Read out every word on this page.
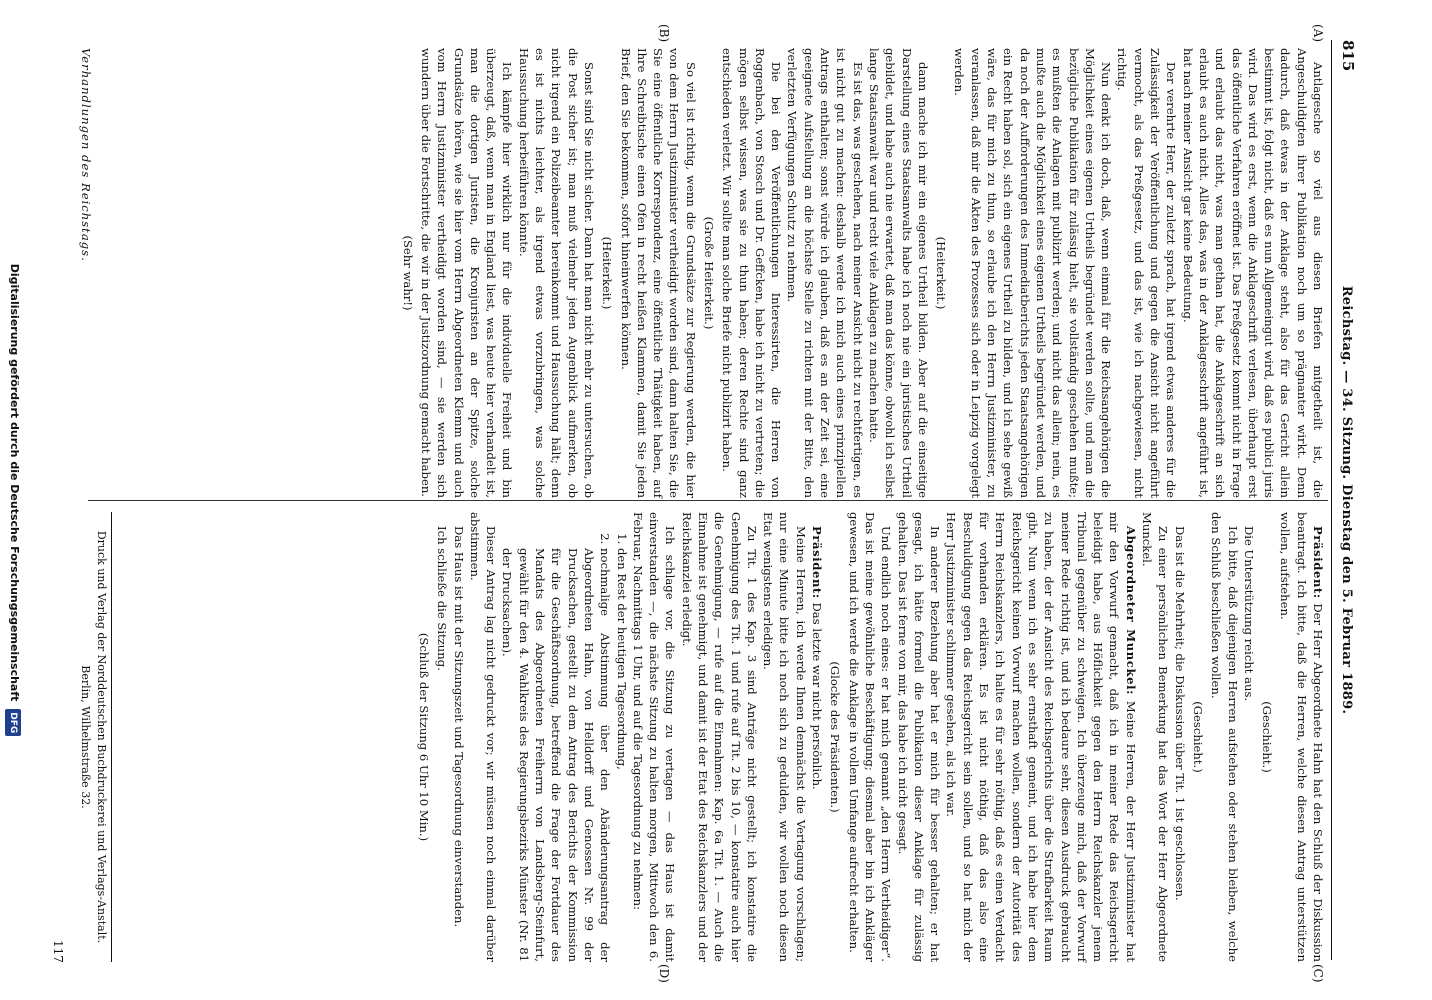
815
Reichstag. — 34. Sitzung. Dienstag den 5. Februar 1889.
(A)
(B)
(C)
(D)

Antlagesche so viel aus diesen Briefen mitgetheilt ist, die Angeschuldigten ihrer Publikation noch um so prägnanter wirkt. Denn dadurch, daß etwas in der Anklage steht, also für das Gericht allein bestimmt ist, folgt nicht, daß es nun Allgemeingut wird, daß es publici juris wird. Das wird es erst, wenn die Anklageschrift verlesen, überhaupt erst das öffentliche Verfahren eröffnet ist. Das Preßgesetz kommt nicht in Frage und erlaubt das nicht, was man gethan hat, die Anklageschrift an sich erlaubt es auch nicht. Alles das, was in der Anklagesschrift angeführt ist, hat nach meiner Ansicht gar keine Bedeutung.

Der verehrte Herr, der zuletzt sprach, hat irgend etwas anderes für die Zulässigkeit der Veröffentlichung und gegen die Ansicht nicht angeführt vermocht, als das Preßgesetz, und das ist, wie ich nachgewiesen, nicht richtig.

Nun denkt ich doch, daß, wenn einmal für die Reichsangehörigen die Möglichkeit eines eigenen Urtheils begründet werden sollte, und man die bezügliche Publikation für zulässig hielt, sie vollständig geschehen mußte; es mußten die Anlagen mit publizirt werden; und nicht das allein; nein, es mußte auch die Möglichkeit eines eigenen Urtheils begründet werden, und da noch der Aufforderungen des Immediatberichts jeden Staatsangehörigen ein Recht haben sol, sich ein eigenes Urtheil zu bilden, und ich sehe gewiß wäre, das für mich zu thun, so erlaube ich den Herrn Justizminister, zu veranlassen, daß mir die Akten des Prozesses sich oder in Leipzig vorgelegt werden.

(Heiterkeit.)

dann mache ich mir ein eigenes Urtheil bilden. Aber auf die einseitige Darstellung eines Staatsanwalts habe ich noch nie ein juristisches Urtheil gebildet, und habe auch nie erwartet, daß man das könne, obwohl ich selbst lange Staatsanwalt war und recht viele Anklagen zu machen hatte.

Es ist das, was geschehen, nach meiner Ansicht nicht zu rechtfertigen, es ist nicht gut zu machen: deshalb werde ich mich auch eines prinzipiellen Antrags enthalten; sonst würde ich glauben, daß es an der Zeit sei, eine geeignete Aufstellung an die höchste Stelle zu richten mit der Bitte, den verletzten Verfügungen Schutz zu nehmen.

Die bei den Veröffentlichungen Interessirten, die Herren von Roggenbach, von Stosch und Dr. Geffcken, habe ich nicht zu vertreten; die mögen selbst wissen, was sie zu thun haben; deren Rechte sind ganz entschieden verletzt. Wir sollte man solche Briefe nicht publizirt haben.

(Große Heiterkeit.)

So viel ist richtig, wenn die Grundsätze zur Regierung werden, die hier von dem Herrn Justizminister vertheidigt worden sind, dann halten Sie, die Sie eine öffentliche Korrespondenz, eine öffentliche Thätigkeit haben, auf Ihre Schreibtische einen Ofen in recht heißen Klammen, damit Sie jeden Brief, den Sie bekommen, sofort hineinwerfen können.

(Heiterkeit.)

Sonst sind Sie nicht sicher. Dann hat man nicht mehr zu untersuchen, ob die Post sicher ist; man muß vielmehr jeden Augenblick aufmerken, ob nicht irgend ein Polizeibeamter hereinkommt und Haussuchung hält; denn es ist nichts leichter, als irgend etwas vorzubringen, was solche Haussuchung herbeiführen könnte.

Ich kämpfe hier wirklich nur für die individuelle Freiheit und bin überzeugt, daß, wenn man in England liest, was heute hier verhandelt ist, man die dortigen Juristen, die Kronjuristen an der Spitze, solche Grundsätze hören, wie sie hier vom Herrn Abgeordneten Klemm und auch vom Herrn Justizminister vertheidigt worden sind, — sie werden sich wundern über die Fortschritte, die wir in der Justizordnung gemacht haben.

(Sehr wahr!)

Präsident: Der Herr Abgeordnete Hahn hat den Schluß der Diskussion beantragt. Ich bitte, daß die Herren, welche diesen Antrag unterstützen wollen, aufstehen.

(Geschieht.)

Die Unterstützung reicht aus.

Ich bitte, daß diejenigen Herren aufstehen oder stehen bleiben, welche den Schluß beschließen wollen.

(Geschieht.)

Das ist die Mehrheit; die Diskussion über Tit. 1 ist geschlossen.

Zu einer persönlichen Bemerkung hat das Wort der Herr Abgeordnete Munckel.

Abgeordneter Munckel: Meine Herren, der Herr Justizminister hat mir den Vorwurf gemacht, daß ich in meiner Rede das Reichsgericht beleidigt habe, aus Höflichkeit gegen den Herrn Reichskanzler jenem Tribunal gegenüber zu schweigen. Ich überzeuge mich, daß der Vorwurf meiner Rede richtig ist, und ich bedaure sehr, diesen Ausdruck gebraucht zu haben, der der Ansicht des Reichsgerichts über die Strafbarkeit Raum gibt. Nun wenn ich es sehr ernsthaft gemeint, und ich habe hier dem Reichsgericht keinen Vorwurf machen wollen, sondern der Autorität des Herrn Reichskanzlers, ich halte es für sehr nöthig, daß es einen Verdacht für vorhanden erklären. Es ist nicht nöthig, daß das also eine Beschuldigung gegen das Reichsgericht sein sollen, und so hat mich der Herr Justizminister schlimmer gesehen, als ich war.

In anderer Beziehung aber hat er mich für besser gehalten; er hat gesagt, ich hätte formell die Publikation dieser Anklage für zulässig gehalten. Das ist ferne von mir, das habe ich nicht gesagt.

Und endlich noch eines: er hat mich genannt „den Herrn Vertheidiger“. Das ist meine gewöhnliche Beschäftigung; diesmal aber bin ich Ankläger gewesen, und ich werde die Anklage in vollem Umfange aufrecht erhalten.

(Glocke des Präsidenten.)

Präsident: Das letzte war nicht persönlich.

Meine Herren, ich werde Ihnen demnächst die Vertagung vorschlagen; nur eine Minute bitte ich noch sich zu gedulden, wir wollen noch diesen Etat wenigstens erledigen.

Zu Tit. 1 des Kap. 3 sind Anträge nicht gestellt; ich konstatire die Genehmigung des Tit. 1 und rufe auf Tit. 2 bis 10, — konstatire auch hier die Genehmigung, — rufe auf die Einnahmen: Kap. 6a Tit. 1. — Auch die Einnahme ist genehmigt, und damit ist der Etat des Reichskanzlers und der Reichskanzlei erledigt.

Ich schlage vor, die Sitzung zu vertagen — das Haus ist damit einverstanden —, die nächste Sitzung zu halten morgen, Mittwoch den 6. Februar, Nachmittags 1 Uhr, und auf die Tagesordnung zu nehmen:

1. den Rest der heutigen Tagesordnung,
2. nochmalige Abstimmung über den Abänderungsantrag der Abgeordneten Hahn, von Helldorff und Genossen Nr. 99 der Drucksachen, gestellt zu dem Antrag des Berichts der Kommission für die Geschäftsordnung, betreffend die Frage der Fortdauer des Mandats des Abgeordneten Freiherrn von Landsberg-Steinfurt, gewählt für den 4. Wahlkreis des Regierungsbezirks Münster (Nr. 81 der Drucksachen).

Dieser Antrag lag nicht gedruckt vor; wir müssen noch einmal darüber abstimmen.

Das Haus ist mit der Sitzungszeit und Tagesordnung einverstanden.

Ich schließe die Sitzung.

(Schluß der Sitzung 6 Uhr 10 Min.)

Verhandlungen des Reichstags.
Druck und Verlag der Norddeutschen Buchdruckerei und Verlags-Anstalt.
Berlin, Wilhelmstraße 32.
117
Digitalisierung gefördert durch die Deutsche Forschungsgemeinschaft DFG
